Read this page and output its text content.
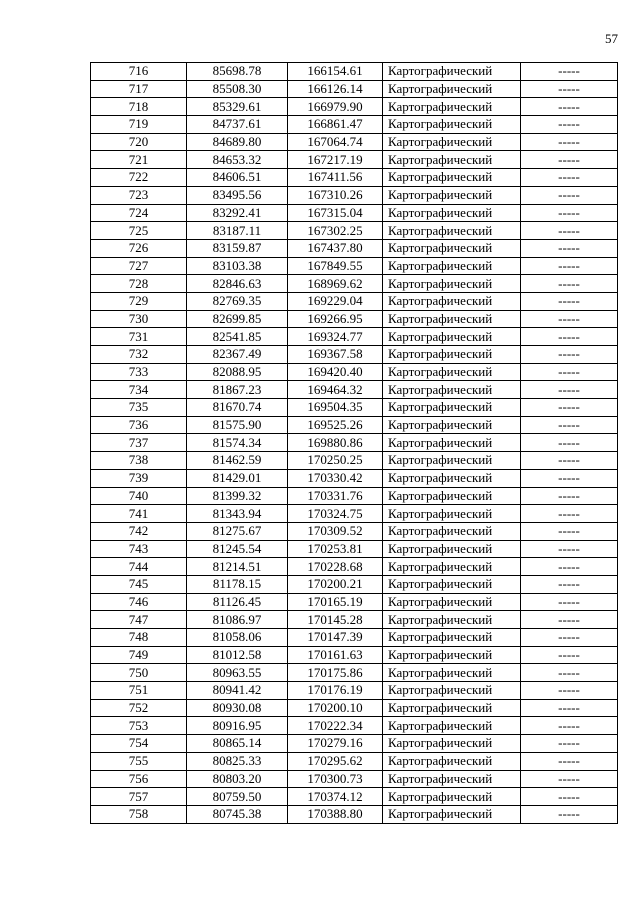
57
716	85698.78	166154.61	Картографический	-----
717	85508.30	166126.14	Картографический	-----
718	85329.61	166979.90	Картографический	-----
719	84737.61	166861.47	Картографический	-----
720	84689.80	167064.74	Картографический	-----
721	84653.32	167217.19	Картографический	-----
722	84606.51	167411.56	Картографический	-----
723	83495.56	167310.26	Картографический	-----
724	83292.41	167315.04	Картографический	-----
725	83187.11	167302.25	Картографический	-----
726	83159.87	167437.80	Картографический	-----
727	83103.38	167849.55	Картографический	-----
728	82846.63	168969.62	Картографический	-----
729	82769.35	169229.04	Картографический	-----
730	82699.85	169266.95	Картографический	-----
731	82541.85	169324.77	Картографический	-----
732	82367.49	169367.58	Картографический	-----
733	82088.95	169420.40	Картографический	-----
734	81867.23	169464.32	Картографический	-----
735	81670.74	169504.35	Картографический	-----
736	81575.90	169525.26	Картографический	-----
737	81574.34	169880.86	Картографический	-----
738	81462.59	170250.25	Картографический	-----
739	81429.01	170330.42	Картографический	-----
740	81399.32	170331.76	Картографический	-----
741	81343.94	170324.75	Картографический	-----
742	81275.67	170309.52	Картографический	-----
743	81245.54	170253.81	Картографический	-----
744	81214.51	170228.68	Картографический	-----
745	81178.15	170200.21	Картографический	-----
746	81126.45	170165.19	Картографический	-----
747	81086.97	170145.28	Картографический	-----
748	81058.06	170147.39	Картографический	-----
749	81012.58	170161.63	Картографический	-----
750	80963.55	170175.86	Картографический	-----
751	80941.42	170176.19	Картографический	-----
752	80930.08	170200.10	Картографический	-----
753	80916.95	170222.34	Картографический	-----
754	80865.14	170279.16	Картографический	-----
755	80825.33	170295.62	Картографический	-----
756	80803.20	170300.73	Картографический	-----
757	80759.50	170374.12	Картографический	-----
758	80745.38	170388.80	Картографический	-----
